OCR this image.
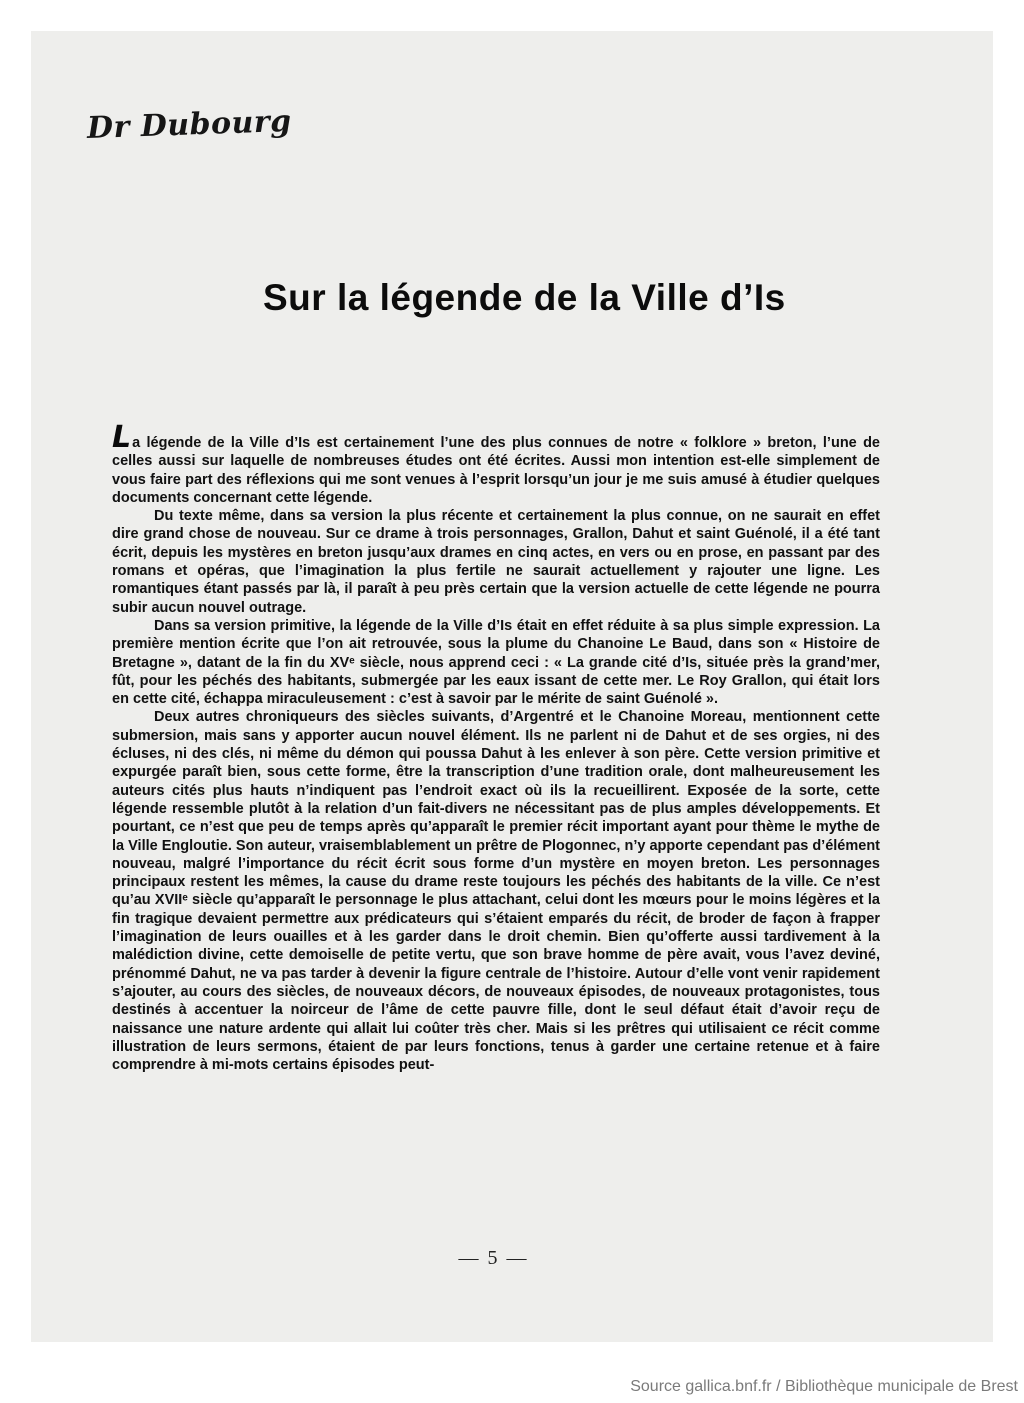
Dr Dubourg
Sur la légende de la Ville d’Is

La légende de la Ville d’Is est certainement l’une des plus connues de notre « folklore » breton, l’une de celles aussi sur laquelle de nombreuses études ont été écrites. Aussi mon intention est-elle simplement de vous faire part des réflexions qui me sont venues à l’esprit lorsqu’un jour je me suis amusé à étudier quelques documents concernant cette légende.

Du texte même, dans sa version la plus récente et certainement la plus connue, on ne saurait en effet dire grand chose de nouveau. Sur ce drame à trois personnages, Grallon, Dahut et saint Guénolé, il a été tant écrit, depuis les mystères en breton jusqu’aux drames en cinq actes, en vers ou en prose, en passant par des romans et opéras, que l’imagination la plus fertile ne saurait actuellement y rajouter une ligne. Les romantiques étant passés par là, il paraît à peu près certain que la version actuelle de cette légende ne pourra subir aucun nouvel outrage.

Dans sa version primitive, la légende de la Ville d’Is était en effet réduite à sa plus simple expression. La première mention écrite que l’on ait retrouvée, sous la plume du Chanoine Le Baud, dans son « Histoire de Bretagne », datant de la fin du XVᵉ siècle, nous apprend ceci : « La grande cité d’Is, située près la grand’mer, fût, pour les péchés des habitants, submergée par les eaux issant de cette mer. Le Roy Grallon, qui était lors en cette cité, échappa miraculeusement : c’est à savoir par le mérite de saint Guénolé ».

Deux autres chroniqueurs des siècles suivants, d’Argentré et le Chanoine Moreau, mentionnent cette submersion, mais sans y apporter aucun nouvel élément. Ils ne parlent ni de Dahut et de ses orgies, ni des écluses, ni des clés, ni même du démon qui poussa Dahut à les enlever à son père. Cette version primitive et expurgée paraît bien, sous cette forme, être la transcription d’une tradition orale, dont malheureusement les auteurs cités plus hauts n’indiquent pas l’endroit exact où ils la recueillirent. Exposée de la sorte, cette légende ressemble plutôt à la relation d’un fait-divers ne nécessitant pas de plus amples développements. Et pourtant, ce n’est que peu de temps après qu’apparaît le premier récit important ayant pour thème le mythe de la Ville Engloutie. Son auteur, vraisemblablement un prêtre de Plogonnec, n’y apporte cependant pas d’élément nouveau, malgré l’importance du récit écrit sous forme d’un mystère en moyen breton. Les personnages principaux restent les mêmes, la cause du drame reste toujours les péchés des habitants de la ville. Ce n’est qu’au XVIIᵉ siècle qu’apparaît le personnage le plus attachant, celui dont les mœurs pour le moins légères et la fin tragique devaient permettre aux prédicateurs qui s’étaient emparés du récit, de broder de façon à frapper l’imagination de leurs ouailles et à les garder dans le droit chemin. Bien qu’offerte aussi tardivement à la malédiction divine, cette demoiselle de petite vertu, que son brave homme de père avait, vous l’avez deviné, prénommé Dahut, ne va pas tarder à devenir la figure centrale de l’histoire. Autour d’elle vont venir rapidement s’ajouter, au cours des siècles, de nouveaux décors, de nouveaux épisodes, de nouveaux protagonistes, tous destinés à accentuer la noirceur de l’âme de cette pauvre fille, dont le seul défaut était d’avoir reçu de naissance une nature ardente qui allait lui coûter très cher. Mais si les prêtres qui utilisaient ce récit comme illustration de leurs sermons, étaient de par leurs fonctions, tenus à garder une certaine retenue et à faire comprendre à mi-mots certains épisodes peut-

— 5 —
Source gallica.bnf.fr / Bibliothèque municipale de Brest
